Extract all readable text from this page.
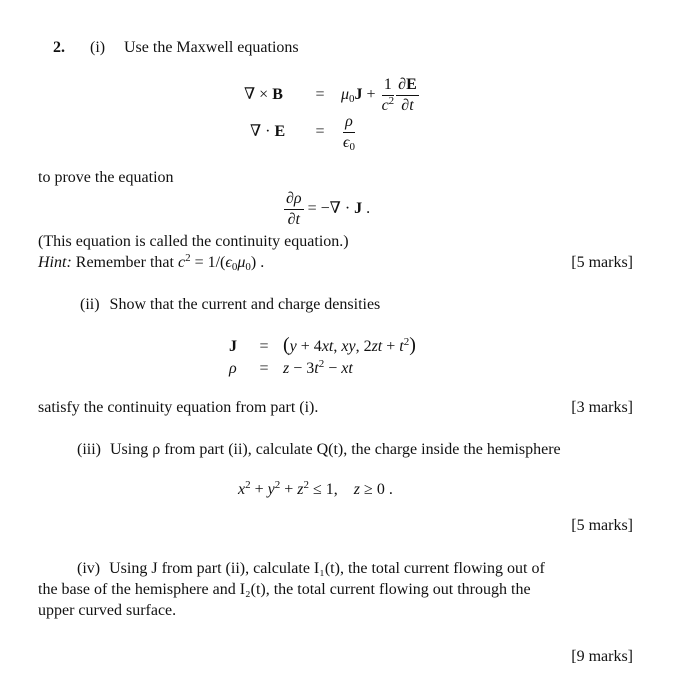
2. (i) Use the Maxwell equations
∇ × $B = \mu_0J + \frac{1}{c^2} \frac{\partial E}{\partial t}$
∇ · $E = \frac{\rho}{\epsilon_0}$
to prove the equation
$\frac{\partial\rho}{\partial t}$ = −∇ · J .
(This equation is called the continuity equation.)
Hint: Remember that $c^2 = 1/(\epsilon_0\mu_0)$ .	[5 marks]
(ii) Show that the current and charge densities
J = (y + 4xt, xy, $2zt + t^2$)
$\rho = z - 3t^2$ − xt
satisfy the continuity equation from part (i).	[3 marks]
(iii) Using ρ from part (ii), calculate Q(t), the charge inside the hemisphere
$x^2 + y^2 + z^2 \le 1$,    z ≥ 0 .
[5 marks]
(iv) Using J from part (ii), calculate I₁(t), the total current flowing out of
the base of the hemisphere and I₂(t), the total current flowing out through the
upper curved surface.
[9 marks]
